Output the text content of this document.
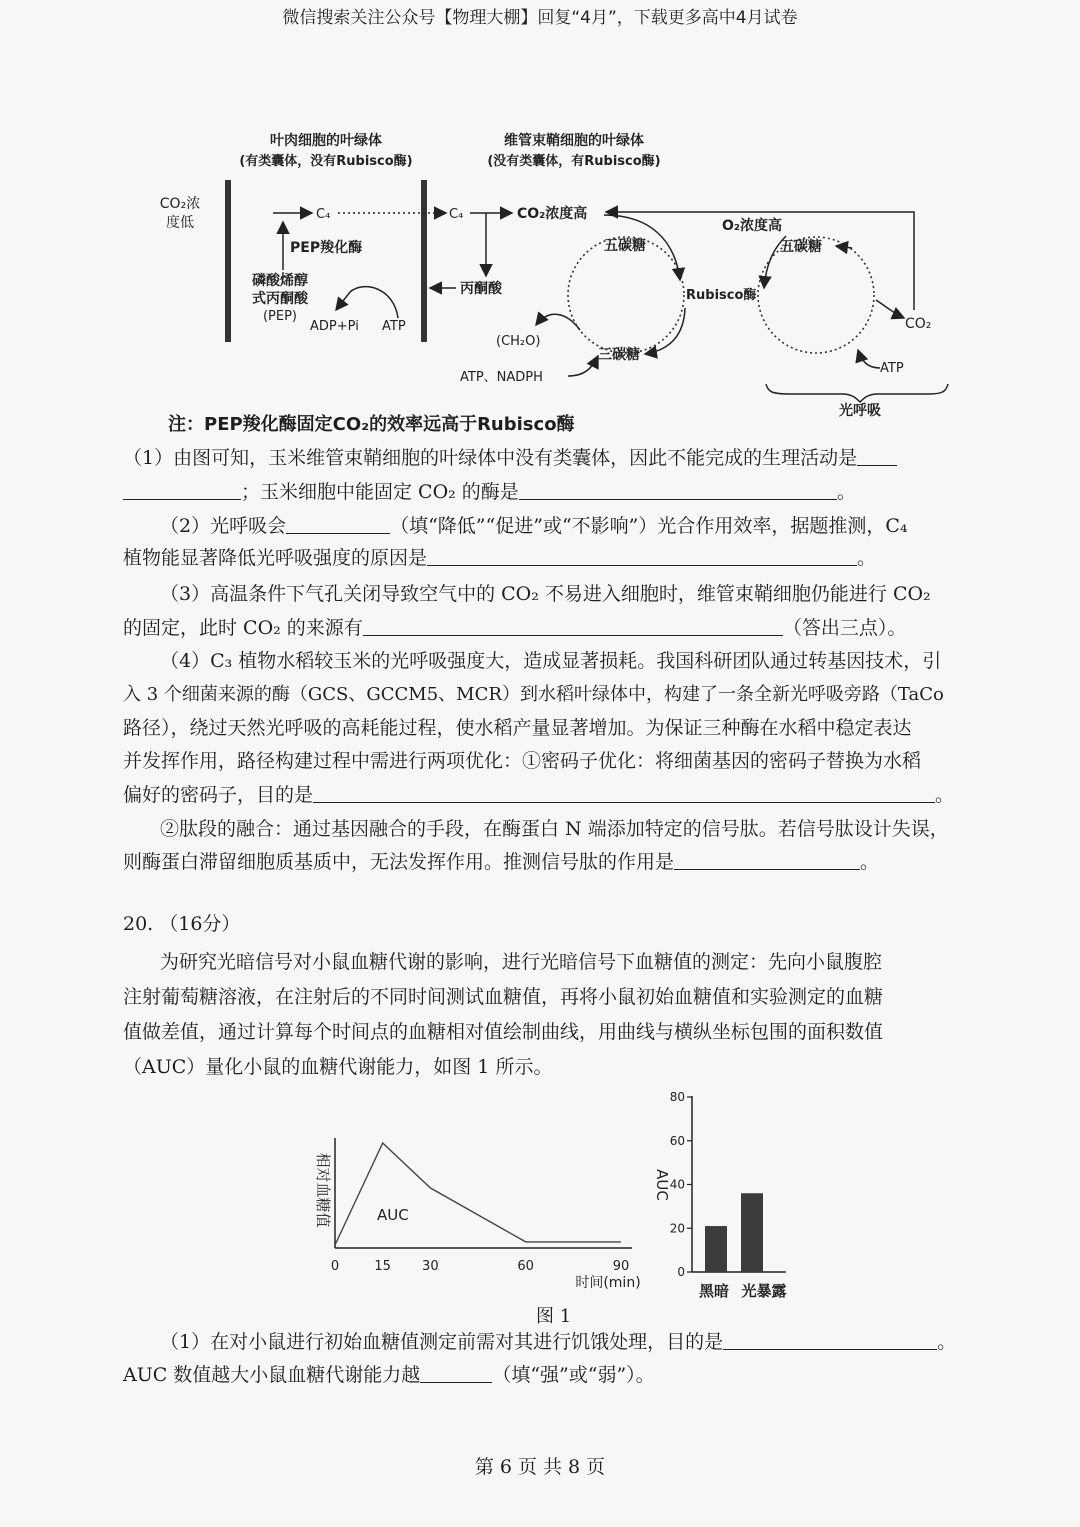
微信搜索关注公众号【物理大棚】回复“4月”，下载更多高中4月试卷
叶肉细胞的叶绿体
(有类囊体，没有Rubisco酶)
维管束鞘细胞的叶绿体
(没有类囊体，有Rubisco酶)
CO₂浓
度低
C₄	C₄	CO₂浓度高
PEP羧化酶
磷酸烯醇
式丙酮酸
(PEP)
ADP+Pi ATP
丙酮酸
五碳糖
Rubisco酶
三碳糖
(CH₂O)
ATP、NADPH
O₂浓度高
五碳糖
CO₂
ATP
光呼吸
注：PEP羧化酶固定CO₂的效率远高于Rubisco酶
（1）由图可知，玉米维管束鞘细胞的叶绿体中没有类囊体，因此不能完成的生理活动是
；玉米细胞中能固定 CO₂ 的酶是	。
（2）光呼吸会	（填“降低”“促进”或“不影响”）光合作用效率，据题推测，C₄
植物能显著降低光呼吸强度的原因是	。
（3）高温条件下气孔关闭导致空气中的 CO₂ 不易进入细胞时，维管束鞘细胞仍能进行 CO₂
的固定，此时 CO₂ 的来源有	（答出三点）。
（4）C₃ 植物水稻较玉米的光呼吸强度大，造成显著损耗。我国科研团队通过转基因技术，引
入 3 个细菌来源的酶（GCS、GCCM5、MCR）到水稻叶绿体中，构建了一条全新光呼吸旁路（TaCo
路径），绕过天然光呼吸的高耗能过程，使水稻产量显著增加。为保证三种酶在水稻中稳定表达
并发挥作用，路径构建过程中需进行两项优化：①密码子优化：将细菌基因的密码子替换为水稻
偏好的密码子，目的是	。
②肽段的融合：通过基因融合的手段，在酶蛋白 N 端添加特定的信号肽。若信号肽设计失误，
则酶蛋白滞留细胞质基质中，无法发挥作用。推测信号肽的作用是	。
20. （16分）
为研究光暗信号对小鼠血糖代谢的影响，进行光暗信号下血糖值的测定：先向小鼠腹腔
注射葡萄糖溶液，在注射后的不同时间测试血糖值，再将小鼠初始血糖值和实验测定的血糖
值做差值，通过计算每个时间点的血糖相对值绘制曲线，用曲线与横纵坐标包围的面积数值
（AUC）量化小鼠的血糖代谢能力，如图 1 所示。
相对血糖值
0	15 30	60	90
AUC
时间(min)
0
20
40
60
80
黑暗 光暴露
AUC
图 1
（1）在对小鼠进行初始血糖值测定前需对其进行饥饿处理，目的是	。
AUC 数值越大小鼠血糖代谢能力越	（填“强”或“弱”）。
第 6 页 共 8 页
